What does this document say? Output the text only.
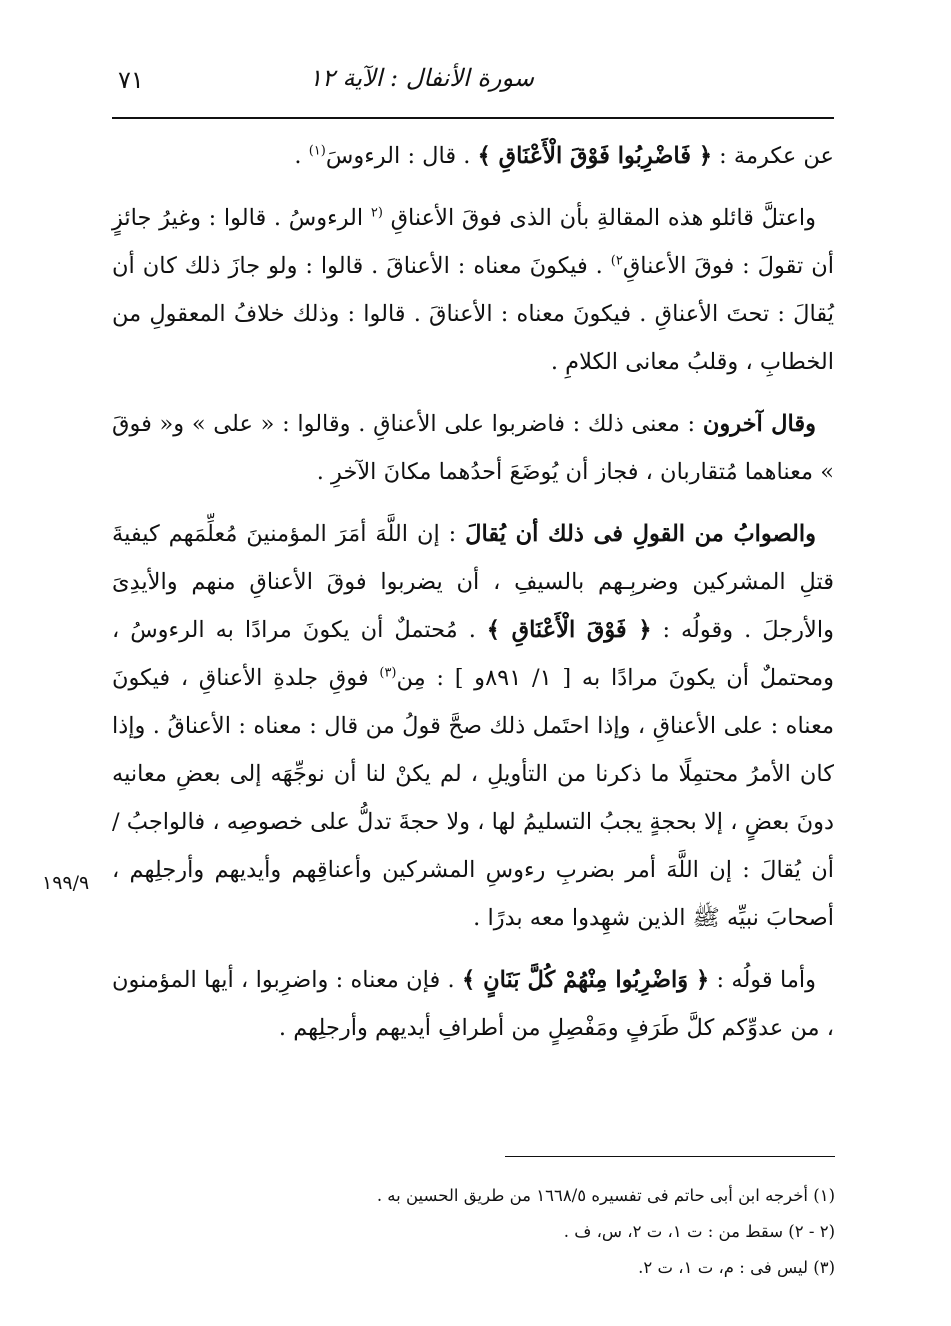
٧١	سورة الأنفال : الآية ١٢

عن عكرمة : ﴿ فَاضْرِبُوا فَوْقَ الْأَعْنَاقِ ﴾ . قال : الرءوسَ$^{(١)}$ .

واعتلَّ قائلو هذه المقالةِ بأن الذى فوقَ الأعناقِ $^{(٢}$ الرءوسُ . قالوا : وغيرُ جائزٍ أن تقولَ : فوقَ الأعناقِ$^{٢)}$ . فيكونَ معناه : الأعناقَ . قالوا : ولو جازَ ذلك كان أن يُقالَ : تحتَ الأعناقِ . فيكونَ معناه : الأعناقَ . قالوا : وذلك خلافُ المعقولِ من الخطابِ ، وقلبُ معانى الكلامِ .

وقال آخرون : معنى ذلك : فاضربوا على الأعناقِ . وقالوا : « على » و« فوقَ » معناهما مُتقاربان ، فجاز أن يُوضَعَ أحدُهما مكانَ الآخرِ .

والصوابُ من القولِ فى ذلك أن يُقالَ : إن اللَّهَ أمَرَ المؤمنينَ مُعلِّمَهم كيفيةَ قتلِ المشركين وضربِـهم بالسيفِ ، أن يضربوا فوقَ الأعناقِ منهم والأيدِىَ والأرجلَ . وقولُه : ﴿ فَوْقَ الْأَعْنَاقِ ﴾ . مُحتملٌ أن يكونَ مرادًا به الرءوسُ ، ومحتملٌ أن يكونَ مرادًا به [ ١/ ٨٩١و ] : مِن$^{(٣)}$ فوقِ جلدةِ الأعناقِ ، فيكونَ معناه : على الأعناقِ ، وإذا احتَمل ذلك صحَّ قولُ من قال : معناه : الأعناقُ . وإذا كان الأمرُ محتمِلًا ما ذكرنا من التأويلِ ، لم يكنْ لنا أن نوجِّهَه إلى بعضِ معانيه دونَ بعضٍ ، إلا بحجةٍ يجبُ التسليمُ لها ، ولا حجةَ تدلُّ على خصوصِه ، فالواجبُ / أن يُقالَ : إن اللَّهَ أمر بضربِ رءوسِ المشركين وأعناقِهم وأيديهم وأرجلِهم ، أصحابَ نبيِّه ﷺ الذين شهِدوا معه بدرًا .

وأما قولُه : ﴿ وَاضْرِبُوا مِنْهُمْ كُلَّ بَنَانٍ ﴾ . فإن معناه : واضرِبوا ، أيها المؤمنون ، من عدوِّكم كلَّ طَرَفٍ ومَفْصِلٍ من أطرافِ أيديهم وأرجلِهم .

١٩٩/٩

(١) أخرجه ابن أبى حاتم فى تفسيره ١٦٦٨/٥ من طريق الحسين به .

(٢ - ٢) سقط من : ت ١، ت ٢، س، ف .

(٣) ليس فى : م، ت ١، ت ٢.
